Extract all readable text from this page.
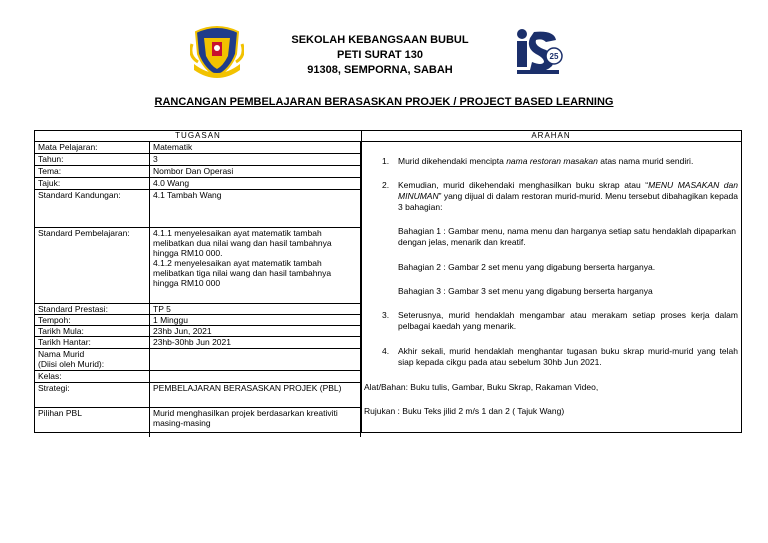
SEKOLAH KEBANGSAAN BUBUL
PETI SURAT 130
91308, SEMPORNA, SABAH
25
RANCANGAN PEMBELAJARAN BERASASKAN PROJEK / PROJECT BASED LEARNING
TUGASAN	ARAHAN
Mata Pelajaran:	Matematik
Tahun:	3
Tema:	Nombor Dan Operasi
Tajuk:	4.0 Wang
Standard Kandungan:	4.1 Tambah Wang
Standard Pembelajaran:	4.1.1 menyelesaikan ayat matematik tambah melibatkan dua nilai wang dan hasil tambahnya hingga RM10 000.
4.1.2 menyelesaikan ayat matematik tambah melibatkan tiga nilai wang dan hasil tambahnya hingga RM10 000

Standard Prestasi:	TP 5
Tempoh:	1 Minggu
Tarikh Mula:	23hb Jun, 2021
Tarikh Hantar:	23hb-30hb Jun 2021

Nama Murid
(Diisi oleh Murid):	

Kelas:	
Strategi:	PEMBELAJARAN BERASASKAN PROJEK (PBL)
Pilihan PBL	Murid menghasilkan projek berdasarkan kreativiti masing-masing
1.	Murid dikehendaki mencipta nama restoran masakan atas nama murid sendiri.
2.	Kemudian, murid dikehendaki menghasilkan buku skrap atau “MENU MASAKAN dan MINUMAN” yang dijual di dalam restoran murid-murid. Menu tersebut dibahagikan kepada 3 bahagian:
Bahagian 1 : Gambar menu, nama menu dan harganya setiap satu hendaklah dipaparkan dengan jelas, menarik dan kreatif.
Bahagian 2 : Gambar 2 set menu yang digabung berserta harganya.
Bahagian 3 : Gambar 3 set menu yang digabung berserta harganya
3.	Seterusnya, murid hendaklah mengambar atau merakam setiap proses kerja dalam pelbagai kaedah yang menarik.
4.	Akhir sekali, murid hendaklah menghantar tugasan buku skrap murid-murid yang telah siap kepada cikgu pada atau sebelum 30hb Jun 2021.
Alat/Bahan: Buku tulis, Gambar, Buku Skrap, Rakaman Video,
Rujukan : Buku Teks jilid 2 m/s 1 dan 2 ( Tajuk Wang)
